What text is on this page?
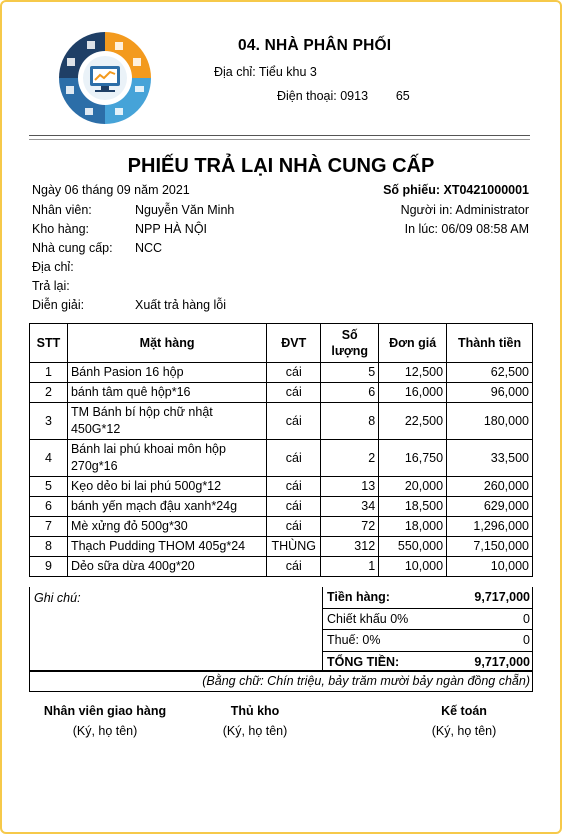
04. NHÀ PHÂN PHỐI
Địa chỉ: Tiểu khu 3
Điện thoại: 0913        65
PHIẾU TRẢ LẠI NHÀ CUNG CẤP
Ngày 06 tháng 09 năm 2021	Số phiếu: XT0421000001
Người in: Administrator
In lúc: 06/09 08:58 AM
Nhân viên:	Nguyễn Văn Minh
Kho hàng:	NPP HÀ NỘI
Nhà cung cấp: NCC
Địa chỉ:
Trả lại:
Diễn giải:	Xuất trả hàng lỗi
STT	Mặt hàng	ĐVT	Số lượng	Đơn giá	Thành tiền
1	Bánh Pasion 16 hộp	cái	5	12,500	62,500
2	bánh tâm quê hộp*16	cái	6	16,000	96,000
3	TM Bánh bí hộp chữ nhật 450G*12	cái	8	22,500	180,000
4	Bánh lai phú khoai môn hộp 270g*16	cái	2	16,750	33,500
5	Kẹo dẻo bi lai phú 500g*12	cái	13	20,000	260,000
6	bánh yến mạch đậu xanh*24g	cái	34	18,500	629,000
7	Mè xửng đỏ 500g*30	cái	72	18,000	1,296,000
8	Thạch Pudding THOM 405g*24	THÙNG	312	550,000	7,150,000
9	Dẻo sữa dừa 400g*20	cái	1	10,000	10,000
Ghi chú:	Tiền hàng:	9,717,000
Chiết khấu 0%	0
Thuế: 0%	0
TỔNG TIỀN:	9,717,000
(Bằng chữ: Chín triệu, bảy trăm mười bảy ngàn đồng chẵn)
Nhân viên giao hàng
(Ký, họ tên)
Thủ kho
(Ký, họ tên)
Kế toán
(Ký, họ tên)
